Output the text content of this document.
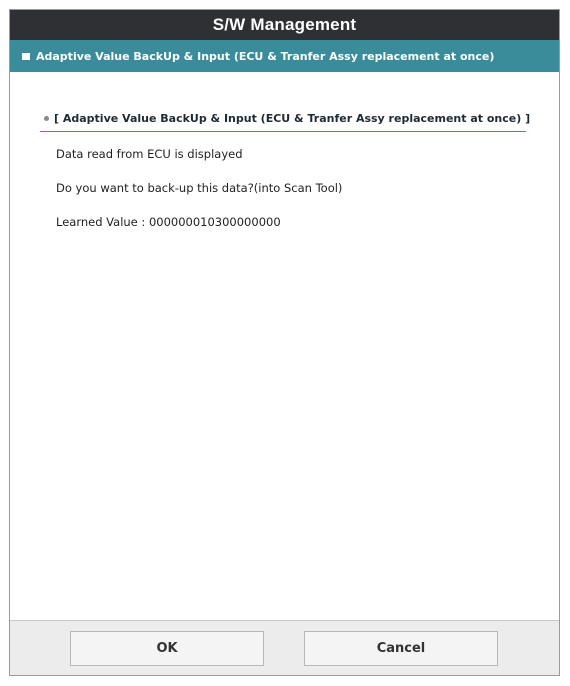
S/W Management
Adaptive Value BackUp & Input (ECU & Tranfer Assy replacement at once)
[ Adaptive Value BackUp & Input (ECU & Tranfer Assy replacement at once) ]
Data read from ECU is displayed
Do you want to back-up this data?(into Scan Tool)
Learned Value : 000000010300000000
OK	Cancel
